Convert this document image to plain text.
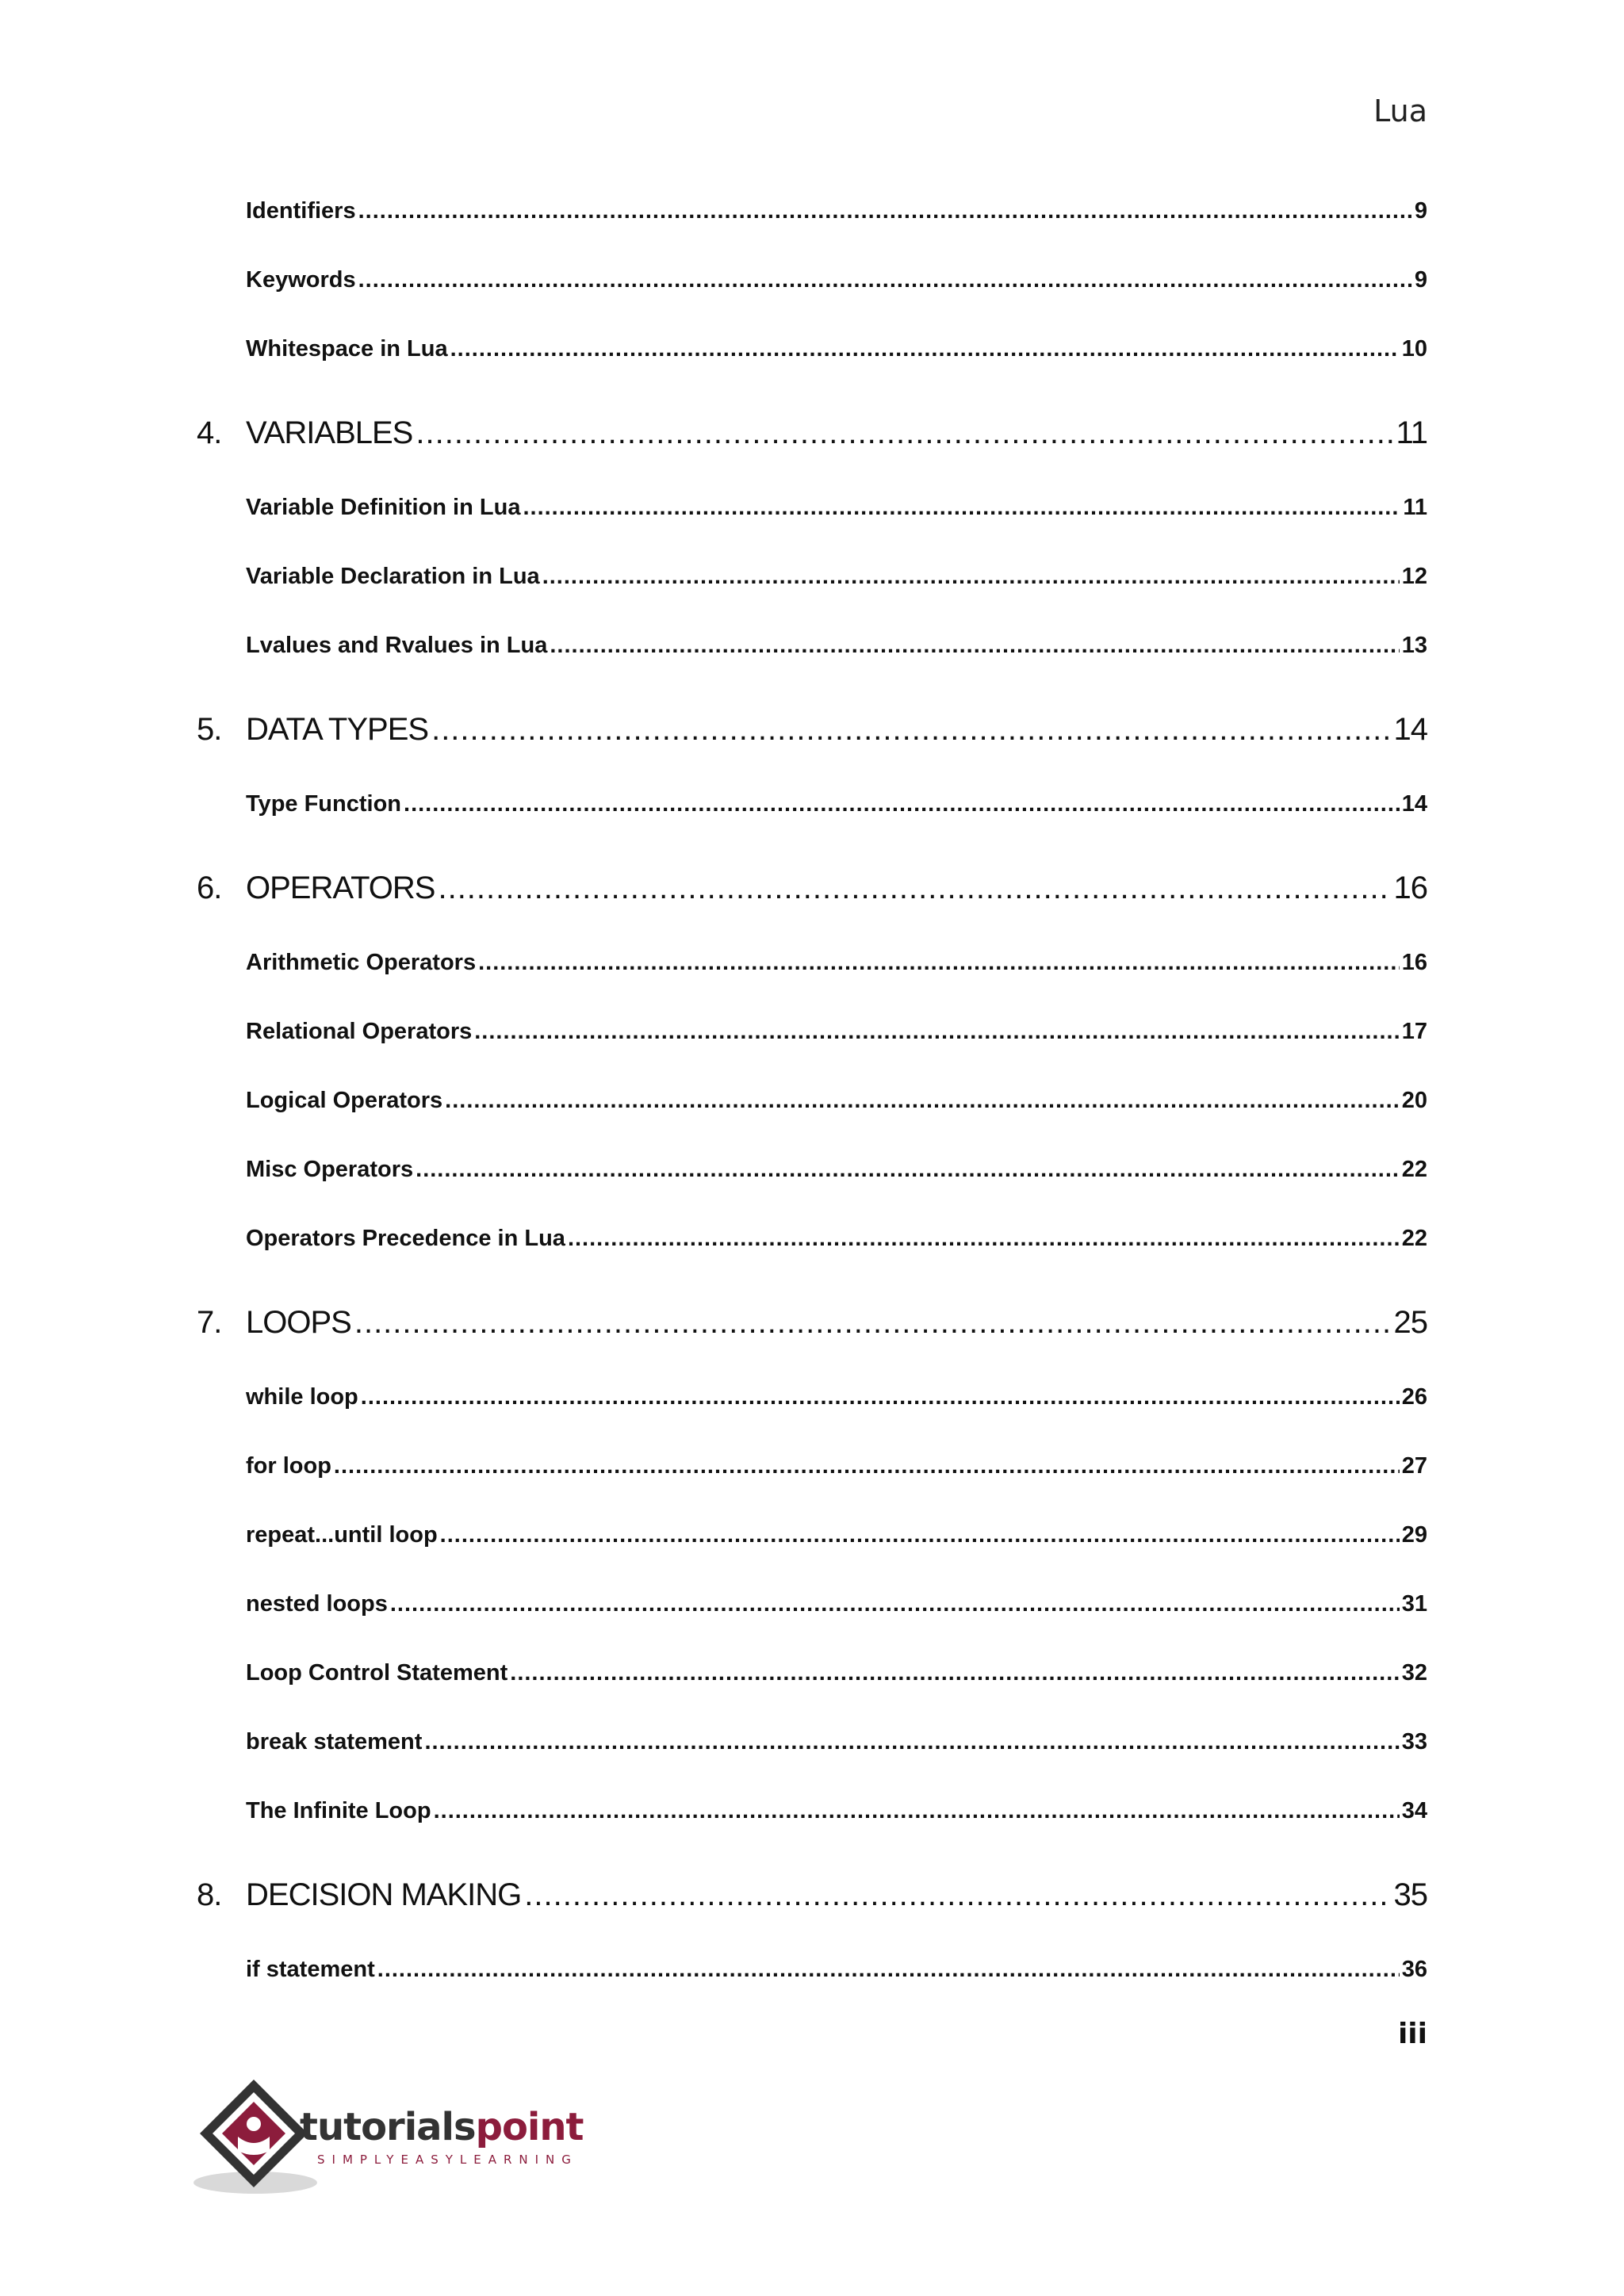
Lua
Identifiers .....	9
Keywords .....	9
Whitespace in Lua .....	10
4. VARIABLES .....	11
Variable Definition in Lua .....	11
Variable Declaration in Lua .....	12
Lvalues and Rvalues in Lua .....	13
5. DATA TYPES .....	14
Type Function .....	14
6. OPERATORS .....	16
Arithmetic Operators .....	16
Relational Operators .....	17
Logical Operators .....	20
Misc Operators .....	22
Operators Precedence in Lua .....	22
7. LOOPS .....	25
while loop .....	26
for loop .....	27
repeat...until loop .....	29
nested loops .....	31
Loop Control Statement .....	32
break statement .....	33
The Infinite Loop .....	34
8. DECISION MAKING .....	35
if statement .....	36
iii
tutorialspoint
SIMPLYEASYLEARNING
